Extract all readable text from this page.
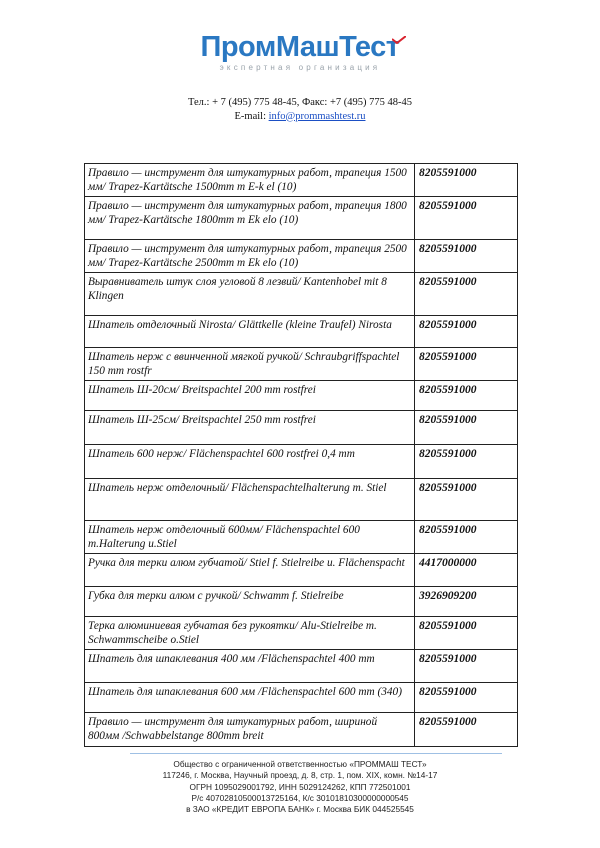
ПромМашТест
экспертная организация
Тел.: + 7 (495) 775 48-45, Факс: +7 (495) 775 48-45
E-mail: info@prommashtest.ru
Правило — инструмент для штукатурных работ, трапеция 1500 мм/ Trapez-Kartätsche 1500mm m E-k el (10)	8205591000
Правило — инструмент для штукатурных работ, трапеция 1800 мм/ Trapez-Kartätsche 1800mm m Ek elo (10)	8205591000
Правило — инструмент для штукатурных работ, трапеция 2500 мм/ Trapez-Kartätsche 2500mm m Ek elo (10)	8205591000
Выравниватель штук слоя угловой 8 лезвий/ Kantenhobel mit 8 Klingen	8205591000
Шпатель отделочный Nirosta/ Glättkelle (kleine Traufel) Nirosta	8205591000
Шпатель нерж с ввинченной мягкой ручкой/ Schraubgriffspachtel 150 mm rostfr	8205591000
Шпатель Ш-20см/ Breitspachtel 200 mm rostfrei	8205591000
Шпатель Ш-25см/ Breitspachtel 250 mm rostfrei	8205591000
Шпатель 600 нерж/ Flächenspachtel 600 rostfrei 0,4 mm	8205591000
Шпатель нерж отделочный/ Flächenspachtelhalterung m. Stiel	8205591000
Шпатель нерж отделочный 600мм/ Flächenspachtel 600 m.Halterung u.Stiel	8205591000
Ручка для терки алюм губчатой/ Stiel f. Stielreibe u. Flächenspacht	4417000000
Губка для терки алюм с ручкой/ Schwamm f. Stielreibe	3926909200
Терка алюминиевая губчатая без рукоятки/ Alu-Stielreibe m. Schwammscheibe o.Stiel	8205591000
Шпатель для шпаклевания 400 мм /Flächenspachtel 400 mm	8205591000
Шпатель для шпаклевания 600 мм /Flächenspachtel 600 mm (340)	8205591000
Правило — инструмент для штукатурных работ, шириной 800мм /Schwabbelstange 800mm breit	8205591000
Общество с ограниченной ответственностью «ПРОММАШ ТЕСТ»
117246, г. Москва, Научный проезд, д. 8, стр. 1, пом. XIX, комн. №14-17
ОГРН 1095029001792, ИНН 5029124262, КПП 772501001
Р/с 40702810500013725164, К/с 30101810300000000545
в ЗАО «КРЕДИТ ЕВРОПА БАНК» г. Москва БИК 044525545
